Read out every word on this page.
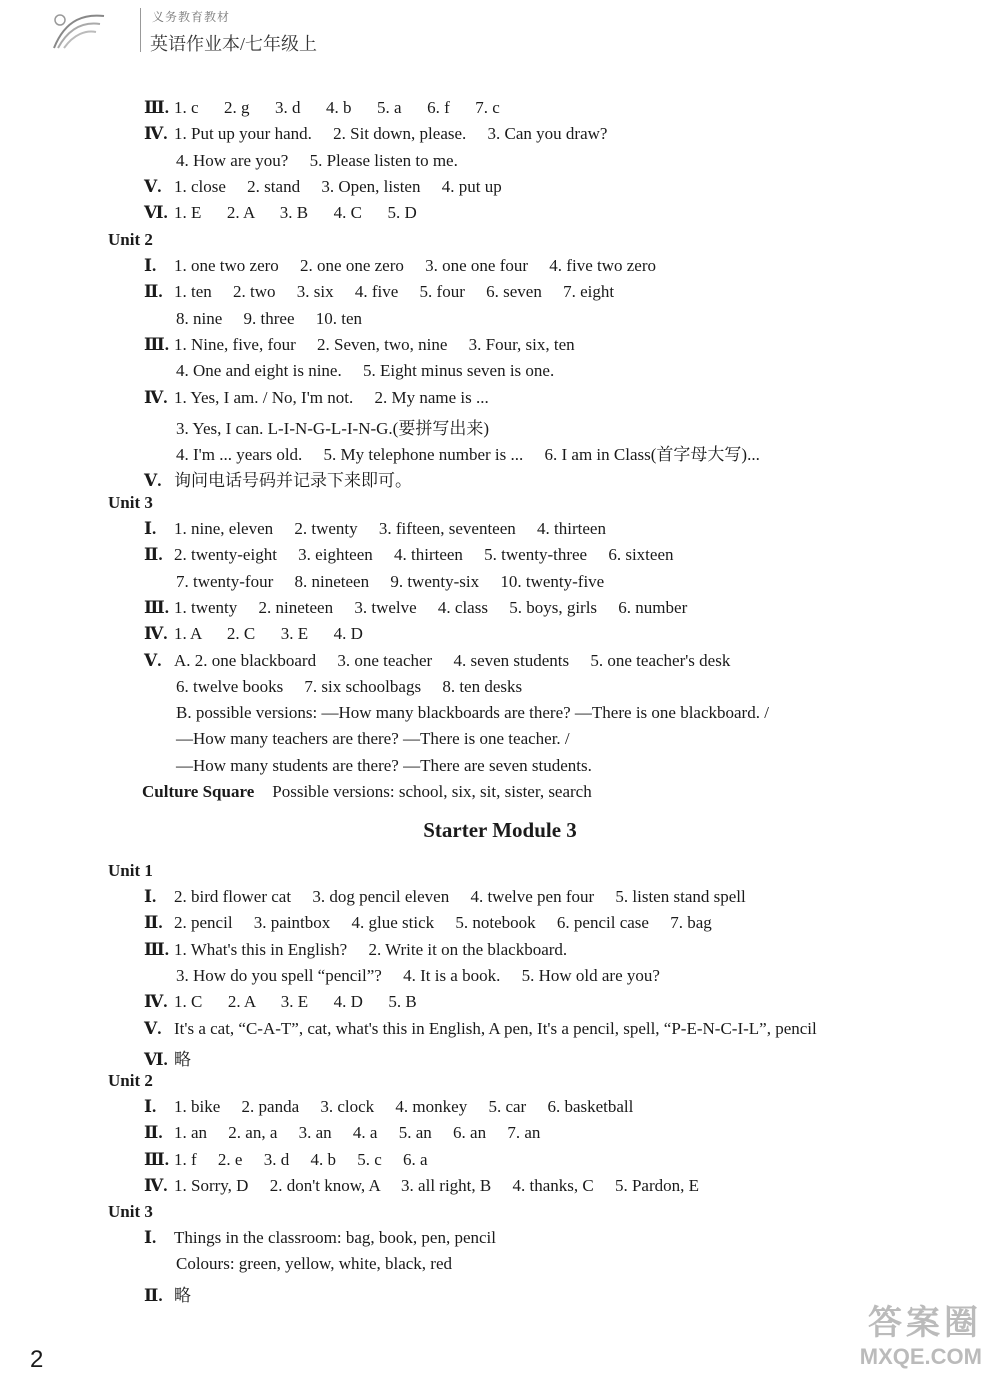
义务教育教材
英语作业本/七年级上
Ⅲ. 1. c      2. g      3. d      4. b      5. a      6. f      7. c
Ⅳ. 1. Put up your hand.     2. Sit down, please.     3. Can you draw?
4. How are you?     5. Please listen to me.
Ⅴ. 1. close     2. stand     3. Open, listen     4. put up
Ⅵ. 1. E      2. A      3. B      4. C      5. D
Unit 2
Ⅰ. 1. one two zero     2. one one zero     3. one one four     4. five two zero
Ⅱ. 1. ten     2. two     3. six     4. five     5. four     6. seven     7. eight
8. nine     9. three     10. ten
Ⅲ. 1. Nine, five, four     2. Seven, two, nine     3. Four, six, ten
4. One and eight is nine.     5. Eight minus seven is one.
Ⅳ. 1. Yes, I am. / No, I'm not.     2. My name is ...
3. Yes, I can. L-I-N-G-L-I-N-G.(要拼写出来)
4. I'm ... years old.     5. My telephone number is ...     6. I am in Class(首字母大写)...
Ⅴ. 询问电话号码并记录下来即可。
Unit 3
Ⅰ. 1. nine, eleven     2. twenty     3. fifteen, seventeen     4. thirteen
Ⅱ. 2. twenty-eight     3. eighteen     4. thirteen     5. twenty-three     6. sixteen
7. twenty-four     8. nineteen     9. twenty-six     10. twenty-five
Ⅲ. 1. twenty     2. nineteen     3. twelve     4. class     5. boys, girls     6. number
Ⅳ. 1. A      2. C      3. E      4. D
Ⅴ. A. 2. one blackboard     3. one teacher     4. seven students     5. one teacher's desk
6. twelve books     7. six schoolbags     8. ten desks
B. possible versions: —How many blackboards are there? —There is one blackboard. /
—How many teachers are there? —There is one teacher. /
—How many students are there? —There are seven students.
Culture Square Possible versions: school, six, sit, sister, search
Unit 1
Ⅰ. 2. bird flower cat     3. dog pencil eleven     4. twelve pen four     5. listen stand spell
Ⅱ. 2. pencil     3. paintbox     4. glue stick     5. notebook     6. pencil case     7. bag
Ⅲ. 1. What's this in English?     2. Write it on the blackboard.
3. How do you spell “pencil”?     4. It is a book.     5. How old are you?
Ⅳ. 1. C      2. A      3. E      4. D      5. B
Ⅴ. It's a cat, “C-A-T”, cat, what's this in English, A pen, It's a pencil, spell, “P-E-N-C-I-L”, pencil
Ⅵ. 略
Unit 2
Ⅰ. 1. bike     2. panda     3. clock     4. monkey     5. car     6. basketball
Ⅱ. 1. an     2. an, a     3. an     4. a     5. an     6. an     7. an
Ⅲ. 1. f     2. e     3. d     4. b     5. c     6. a
Ⅳ. 1. Sorry, D     2. don't know, A     3. all right, B     4. thanks, C     5. Pardon, E
Unit 3
Ⅰ. Things in the classroom: bag, book, pen, pencil
Colours: green, yellow, white, black, red
Ⅱ. 略
Starter Module 3
2
答案圈
MXQE.COM
